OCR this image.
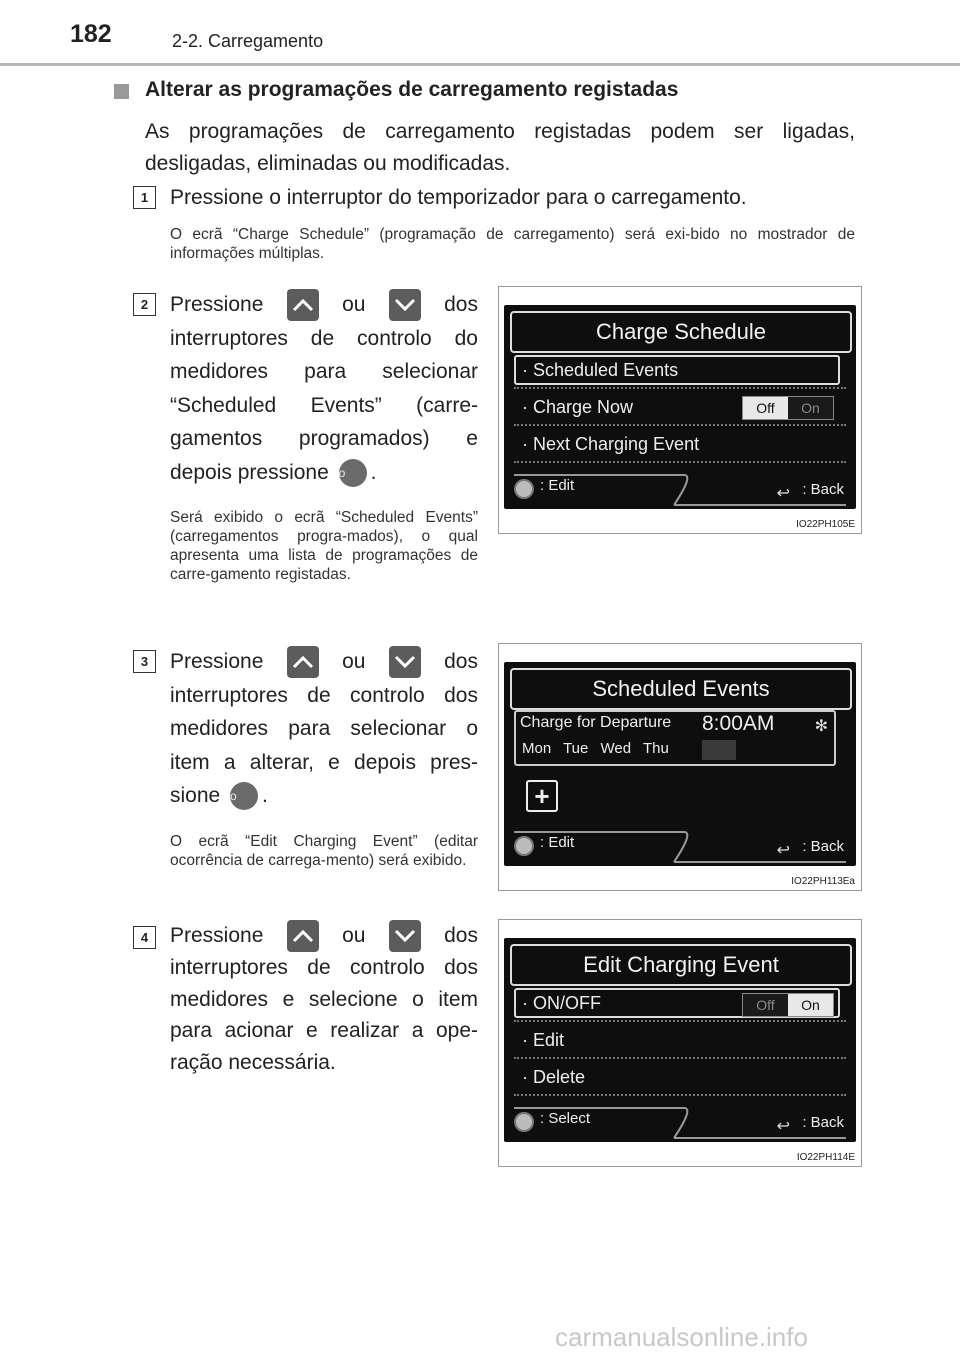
182	2-2. Carregamento
Alterar as programações de carregamento registadas
As programações de carregamento registadas podem ser ligadas, desligadas, eliminadas ou modificadas.
1	Pressione o interruptor do temporizador para o carregamento.
O ecrã “Charge Schedule” (programação de carregamento) será exi-bido no mostrador de informações múltiplas.
2	Pressione	ou	dos interruptores de controlo do medidores para selecionar “Scheduled Events” (carre-gamentos programados) e depois pressione o .
Será exibido o ecrã “Scheduled Events” (carregamentos progra-mados), o qual apresenta uma lista de programações de carre-gamento registadas.
Charge Schedule
· Scheduled Events
· Charge Now	Off	On
· Next Charging Event
: Edit	↩ : Back
IO22PH105E
3	Pressione	ou	dos interruptores de controlo dos medidores para selecionar o item a alterar, e depois pres-sione o .
O ecrã “Edit Charging Event” (editar ocorrência de carrega-mento) será exibido.
Scheduled Events
Charge for Departure 8:00AM	✻
Mon Tue Wed Thu
+
: Edit	↩ : Back
IO22PH113Ea
4	Pressione	ou	dos interruptores de controlo dos medidores e selecione o item para acionar e realizar a ope-ração necessária.
Edit Charging Event
· ON/OFF	Off	On
· Edit
· Delete
: Select	↩ : Back
IO22PH114E
carmanualsonline.info
